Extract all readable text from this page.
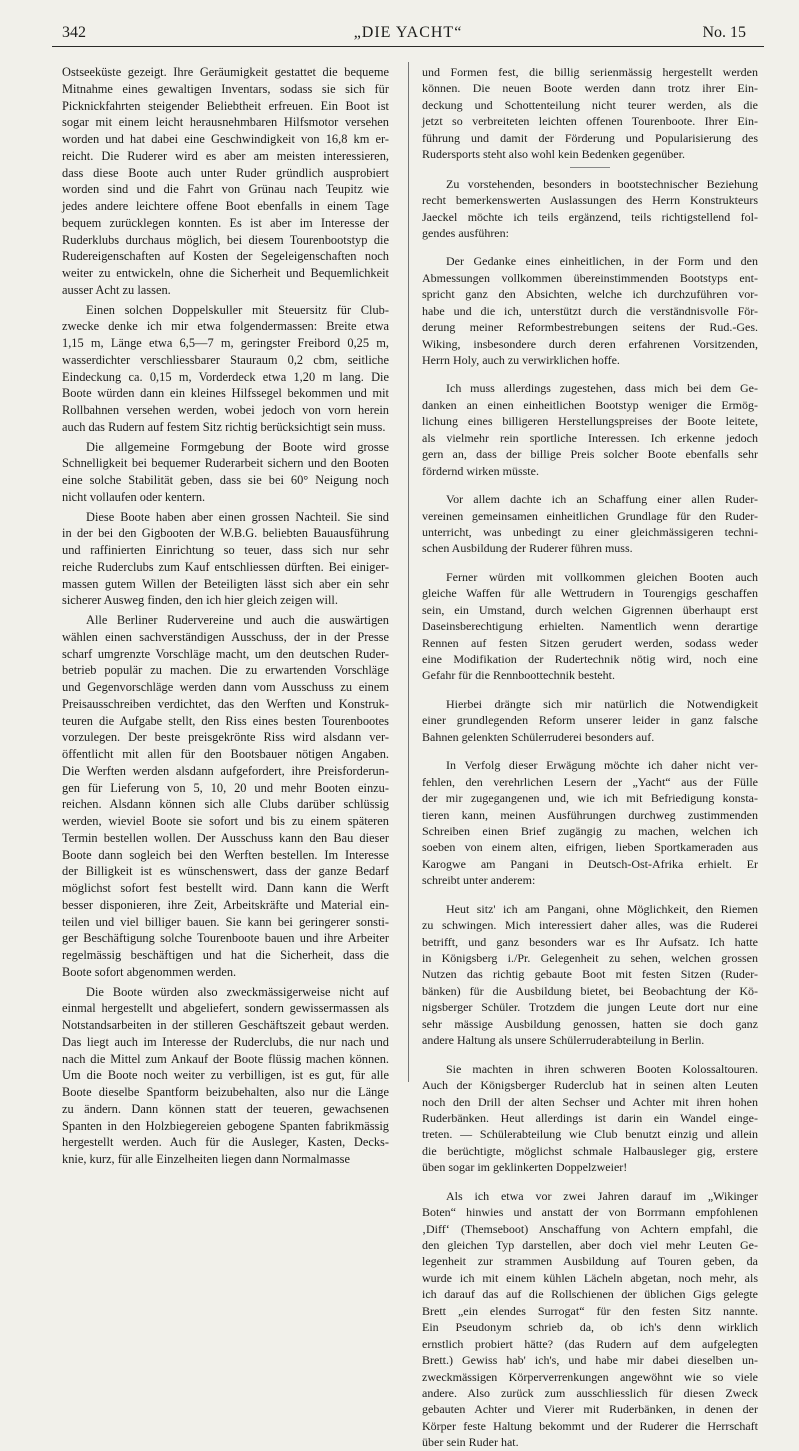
342	„DIE YACHT“	No. 15
Ostseeküste gezeigt. Ihre Geräumigkeit gestattet die bequeme
Mitnahme eines gewaltigen Inventars, sodass sie sich für
Picknickfahrten steigender Beliebtheit erfreuen. Ein Boot ist
sogar mit einem leicht herausnehmbaren Hilfsmotor versehen
worden und hat dabei eine Geschwindigkeit von 16,8 km er-
reicht. Die Ruderer wird es aber am meisten interessieren,
dass diese Boote auch unter Ruder gründlich ausprobiert
worden sind und die Fahrt von Grünau nach Teupitz wie
jedes andere leichtere offene Boot ebenfalls in einem Tage
bequem zurücklegen konnten. Es ist aber im Interesse der
Ruderklubs durchaus möglich, bei diesem Tourenbootstyp die
Rudereigenschaften auf Kosten der Segeleigenschaften noch
weiter zu entwickeln, ohne die Sicherheit und Bequemlichkeit
ausser Acht zu lassen.
Einen solchen Doppelskuller mit Steuersitz für Club-
zwecke denke ich mir etwa folgendermassen: Breite etwa
1,15 m, Länge etwa 6,5—7 m, geringster Freibord 0,25 m,
wasserdichter verschliessbarer Stauraum 0,2 cbm, seitliche
Eindeckung ca. 0,15 m, Vorderdeck etwa 1,20 m lang. Die
Boote würden dann ein kleines Hilfssegel bekommen und mit
Rollbahnen versehen werden, wobei jedoch von vorn herein
auch das Rudern auf festem Sitz richtig berücksichtigt sein muss.
Die allgemeine Formgebung der Boote wird grosse
Schnelligkeit bei bequemer Ruderarbeit sichern und den Booten
eine solche Stabilität geben, dass sie bei 60° Neigung noch
nicht vollaufen oder kentern.
Diese Boote haben aber einen grossen Nachteil. Sie sind
in der bei den Gigbooten der W.B.G. beliebten Bauausführung
und raffinierten Einrichtung so teuer, dass sich nur sehr
reiche Ruderclubs zum Kauf entschliessen dürften. Bei einiger-
massen gutem Willen der Beteiligten lässt sich aber ein sehr
sicherer Ausweg finden, den ich hier gleich zeigen will.
Alle Berliner Rudervereine und auch die auswärtigen
wählen einen sachverständigen Ausschuss, der in der Presse
scharf umgrenzte Vorschläge macht, um den deutschen Ruder-
betrieb populär zu machen. Die zu erwartenden Vorschläge
und Gegenvorschläge werden dann vom Ausschuss zu einem
Preisausschreiben verdichtet, das den Werften und Konstruk-
teuren die Aufgabe stellt, den Riss eines besten Tourenbootes
vorzulegen. Der beste preisgekrönte Riss wird alsdann ver-
öffentlicht mit allen für den Bootsbauer nötigen Angaben.
Die Werften werden alsdann aufgefordert, ihre Preisforderun-
gen für Lieferung von 5, 10, 20 und mehr Booten einzu-
reichen. Alsdann können sich alle Clubs darüber schlüssig
werden, wieviel Boote sie sofort und bis zu einem späteren
Termin bestellen wollen. Der Ausschuss kann den Bau dieser
Boote dann sogleich bei den Werften bestellen. Im Interesse
der Billigkeit ist es wünschenswert, dass der ganze Bedarf
möglichst sofort fest bestellt wird. Dann kann die Werft
besser disponieren, ihre Zeit, Arbeitskräfte und Material ein-
teilen und viel billiger bauen. Sie kann bei geringerer sonsti-
ger Beschäftigung solche Tourenboote bauen und ihre Arbeiter
regelmässig beschäftigen und hat die Sicherheit, dass die
Boote sofort abgenommen werden.
Die Boote würden also zweckmässigerweise nicht auf
einmal hergestellt und abgeliefert, sondern gewissermassen als
Notstandsarbeiten in der stilleren Geschäftszeit gebaut werden.
Das liegt auch im Interesse der Ruderclubs, die nur nach und
nach die Mittel zum Ankauf der Boote flüssig machen können.
Um die Boote noch weiter zu verbilligen, ist es gut, für alle
Boote dieselbe Spantform beizubehalten, also nur die Länge
zu ändern. Dann können statt der teueren, gewachsenen
Spanten in den Holzbiegereien gebogene Spanten fabrikmässig
hergestellt werden. Auch für die Ausleger, Kasten, Decks-
knie, kurz, für alle Einzelheiten liegen dann Normalmasse
und Formen fest, die billig serienmässig hergestellt werden
können. Die neuen Boote werden dann trotz ihrer Ein-
deckung und Schottenteilung nicht teurer werden, als die
jetzt so verbreiteten leichten offenen Tourenboote. Ihrer Ein-
führung und damit der Förderung und Popularisierung des
Rudersports steht also wohl kein Bedenken gegenüber.
Zu vorstehenden, besonders in bootstechnischer Beziehung
recht bemerkenswerten Auslassungen des Herrn Konstrukteurs
Jaeckel möchte ich teils ergänzend, teils richtigstellend fol-
gendes ausführen:
Der Gedanke eines einheitlichen, in der Form und den
Abmessungen vollkommen übereinstimmenden Bootstyps ent-
spricht ganz den Absichten, welche ich durchzuführen vor-
habe und die ich, unterstützt durch die verständnisvolle För-
derung meiner Reformbestrebungen seitens der Rud.-Ges.
Wiking, insbesondere durch deren erfahrenen Vorsitzenden,
Herrn Holy, auch zu verwirklichen hoffe.
Ich muss allerdings zugestehen, dass mich bei dem Ge-
danken an einen einheitlichen Bootstyp weniger die Ermög-
lichung eines billigeren Herstellungspreises der Boote leitete,
als vielmehr rein sportliche Interessen. Ich erkenne jedoch
gern an, dass der billige Preis solcher Boote ebenfalls sehr
fördernd wirken müsste.
Vor allem dachte ich an Schaffung einer allen Ruder-
vereinen gemeinsamen einheitlichen Grundlage für den Ruder-
unterricht, was unbedingt zu einer gleichmässigeren techni-
schen Ausbildung der Ruderer führen muss.
Ferner würden mit vollkommen gleichen Booten auch
gleiche Waffen für alle Wettrudern in Tourengigs geschaffen
sein, ein Umstand, durch welchen Gigrennen überhaupt erst
Daseinsberechtigung erhielten. Namentlich wenn derartige
Rennen auf festen Sitzen gerudert werden, sodass weder
eine Modifikation der Rudertechnik nötig wird, noch eine
Gefahr für die Rennboottechnik besteht.
Hierbei drängte sich mir natürlich die Notwendigkeit
einer grundlegenden Reform unserer leider in ganz falsche
Bahnen gelenkten Schülerruderei besonders auf.
In Verfolg dieser Erwägung möchte ich daher nicht ver-
fehlen, den verehrlichen Lesern der „Yacht“ aus der Fülle
der mir zugegangenen und, wie ich mit Befriedigung konsta-
tieren kann, meinen Ausführungen durchweg zustimmenden
Schreiben einen Brief zugängig zu machen, welchen ich
soeben von einem alten, eifrigen, lieben Sportkameraden aus
Karogwe am Pangani in Deutsch-Ost-Afrika erhielt. Er
schreibt unter anderem:
Heut sitz' ich am Pangani, ohne Möglichkeit, den Riemen
zu schwingen. Mich interessiert daher alles, was die Ruderei
betrifft, und ganz besonders war es Ihr Aufsatz. Ich hatte
in Königsberg i./Pr. Gelegenheit zu sehen, welchen grossen
Nutzen das richtig gebaute Boot mit festen Sitzen (Ruder-
bänken) für die Ausbildung bietet, bei Beobachtung der Kö-
nigsberger Schüler. Trotzdem die jungen Leute dort nur eine
sehr mässige Ausbildung genossen, hatten sie doch ganz
andere Haltung als unsere Schülerruderabteilung in Berlin.
Sie machten in ihren schweren Booten Kolossaltouren.
Auch der Königsberger Ruderclub hat in seinen alten Leuten
noch den Drill der alten Sechser und Achter mit ihren hohen
Ruderbänken. Heut allerdings ist darin ein Wandel einge-
treten. — Schülerabteilung wie Club benutzt einzig und allein
die berüchtigte, möglichst schmale Halbausleger gig, erstere
üben sogar im geklinkerten Doppelzweier!
Als ich etwa vor zwei Jahren darauf im „Wikinger
Boten“ hinwies und anstatt der von Borrmann empfohlenen
‚Diff‘ (Themseboot) Anschaffung von Achtern empfahl, die
den gleichen Typ darstellen, aber doch viel mehr Leuten Ge-
legenheit zur strammen Ausbildung auf Touren geben, da
wurde ich mit einem kühlen Lächeln abgetan, noch mehr, als
ich darauf das auf die Rollschienen der üblichen Gigs gelegte
Brett „ein elendes Surrogat“ für den festen Sitz nannte.
Ein Pseudonym schrieb da, ob ich's denn wirklich
ernstlich probiert hätte? (das Rudern auf dem aufgelegten
Brett.) Gewiss hab' ich's, und habe mir dabei dieselben un-
zweckmässigen Körperverrenkungen angewöhnt wie so viele
andere. Also zurück zum ausschliesslich für diesen Zweck
gebauten Achter und Vierer mit Ruderbänken, in denen der
Körper feste Haltung bekommt und der Ruderer die Herrschaft
über sein Ruder hat.
